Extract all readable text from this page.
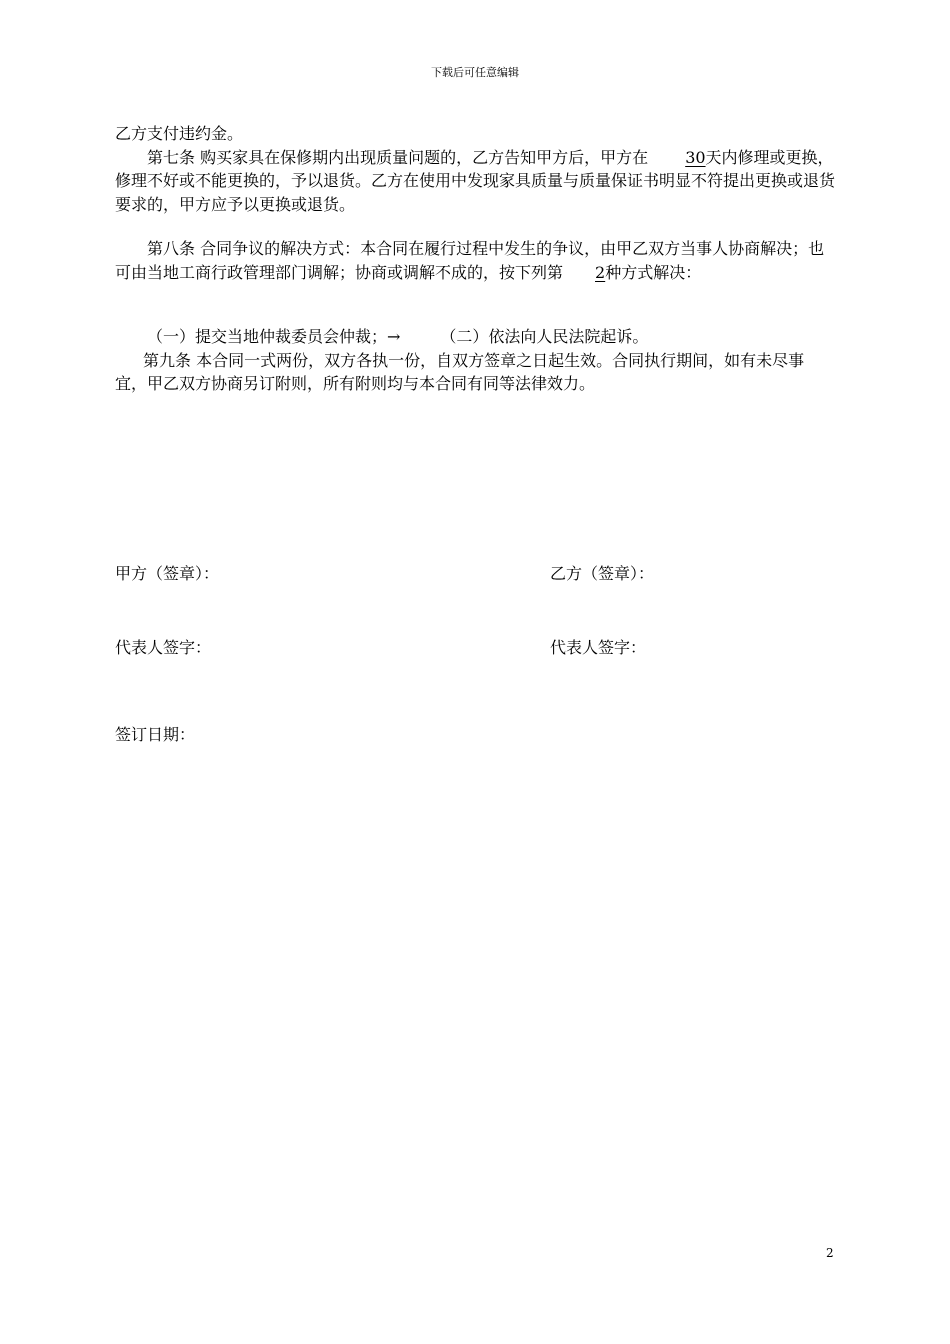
下载后可任意编辑

乙方支付违约金。

第七条 购买家具在保修期内出现质量问题的，乙方告知甲方后，甲方在 30天内修理或更换，修理不好或不能更换的，予以退货。乙方在使用中发现家具质量与质量保证书明显不符提出更换或退货要求的，甲方应予以更换或退货。

第八条 合同争议的解决方式：本合同在履行过程中发生的争议，由甲乙双方当事人协商解决；也可由当地工商行政管理部门调解；协商或调解不成的，按下列第 2种方式解决：

（一）提交当地仲裁委员会仲裁；→	（二）依法向人民法院起诉。

第九条 本合同一式两份，双方各执一份，自双方签章之日起生效。合同执行期间，如有未尽事宜，甲乙双方协商另订附则，所有附则均与本合同有同等法律效力。

甲方（签章）：	乙方（签章）：
代表人签字：	代表人签字：
签订日期：
2
